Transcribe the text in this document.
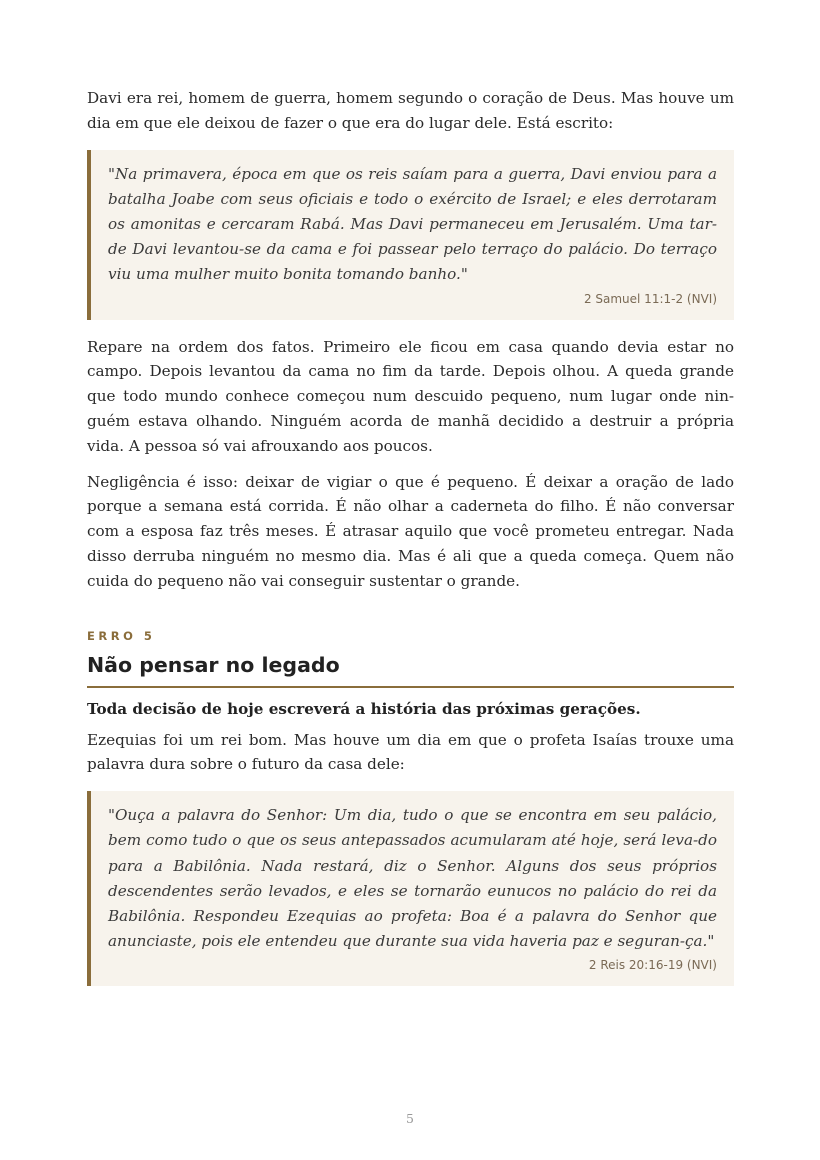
Davi era rei, homem de guerra, homem segundo o coração de Deus. Mas houve um dia em que ele deixou de fazer o que era do lugar dele. Está escrito:

"Na primavera, época em que os reis saíam para a guerra, Davi enviou para a batalha Joabe com seus oficiais e todo o exército de Israel; e eles derrotaram os amonitas e cercaram Rabá. Mas Davi permaneceu em Jerusalém. Uma tar-de Davi levantou-se da cama e foi passear pelo terraço do palácio. Do terraço viu uma mulher muito bonita tomando banho."

2 Samuel 11:1-2 (NVI)

Repare na ordem dos fatos. Primeiro ele ficou em casa quando devia estar no campo. Depois levantou da cama no fim da tarde. Depois olhou. A queda grande que todo mundo conhece começou num descuido pequeno, num lugar onde nin-guém estava olhando. Ninguém acorda de manhã decidido a destruir a própria vida. A pessoa só vai afrouxando aos poucos.

Negligência é isso: deixar de vigiar o que é pequeno. É deixar a oração de lado porque a semana está corrida. É não olhar a caderneta do filho. É não conversar com a esposa faz três meses. É atrasar aquilo que você prometeu entregar. Nada disso derruba ninguém no mesmo dia. Mas é ali que a queda começa. Quem não cuida do pequeno não vai conseguir sustentar o grande.

ERRO 5
Não pensar no legado

Toda decisão de hoje escreverá a história das próximas gerações.

Ezequias foi um rei bom. Mas houve um dia em que o profeta Isaías trouxe uma palavra dura sobre o futuro da casa dele:

"Ouça a palavra do Senhor: Um dia, tudo o que se encontra em seu palácio, bem como tudo o que os seus antepassados acumularam até hoje, será leva-do para a Babilônia. Nada restará, diz o Senhor. Alguns dos seus próprios descendentes serão levados, e eles se tornarão eunucos no palácio do rei da Babilônia. Respondeu Ezequias ao profeta: Boa é a palavra do Senhor que anunciaste, pois ele entendeu que durante sua vida haveria paz e seguran-ça."

2 Reis 20:16-19 (NVI)
5
